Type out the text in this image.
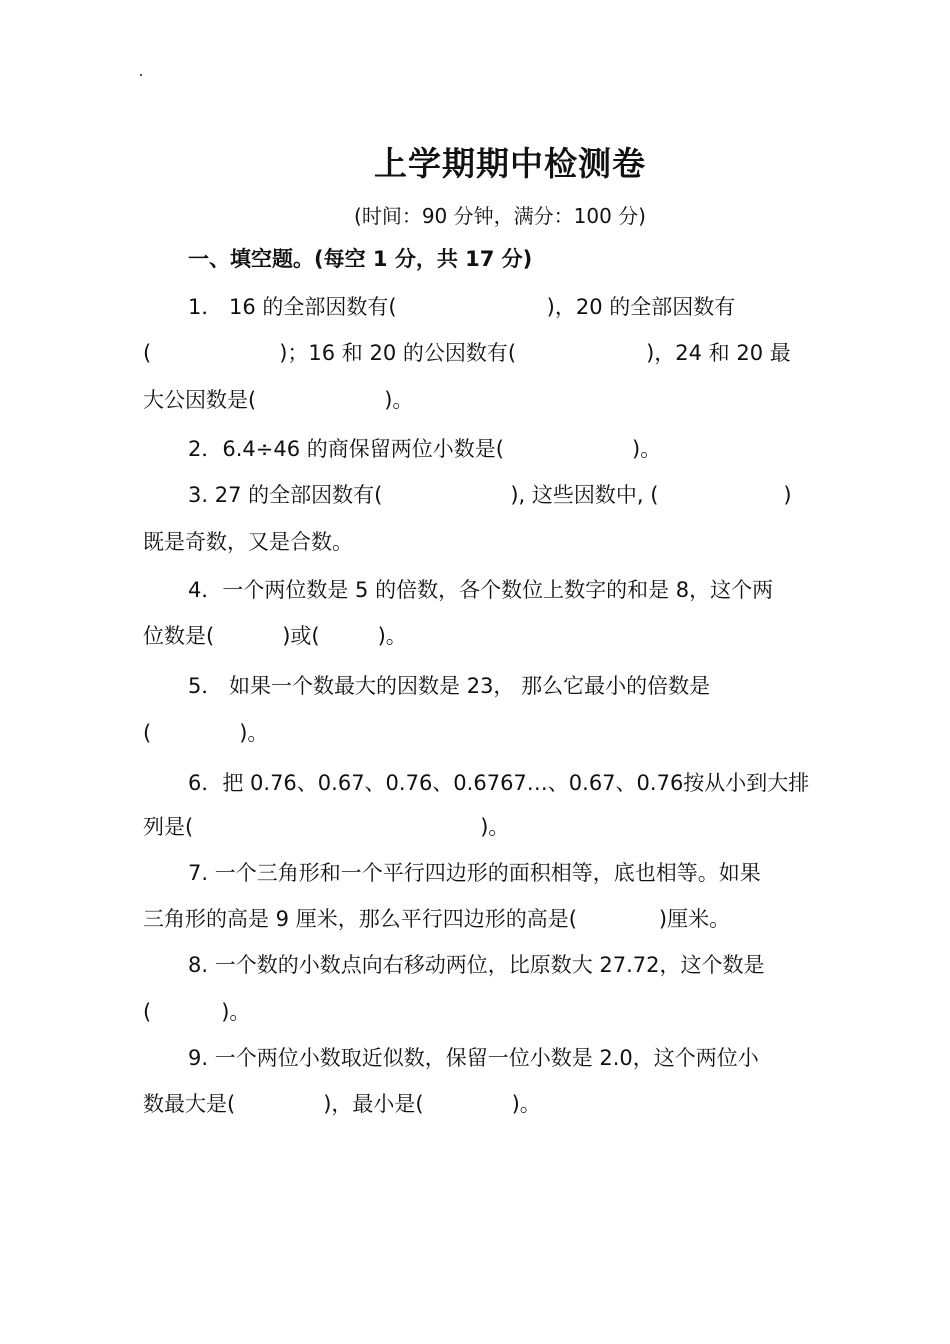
上学期期中检测卷
(时间：90 分钟，满分：100 分)
一、填空题。(每空 1 分，共 17 分)
1． 16 的全部因数有(	)，20 的全部因数有
(	)；16 和 20 的公因数有(	)，24 和 20 最
大公因数是(	)。
2．6.4÷46 的商保留两位小数是(	)。
3. 27 的全部因数有(	), 这些因数中, (	)
既是奇数，又是合数。
4．一个两位数是 5 的倍数，各个数位上数字的和是 8，这个两
位数是(	)或(	)。
5． 如果一个数最大的因数是 23， 那么它最小的倍数是
(	)。
6．把 0.76、0.67、0.76、0.6767…、0.67、0.76按从小到大排
列是(	)。
7. 一个三角形和一个平行四边形的面积相等，底也相等。如果
三角形的高是 9 厘米，那么平行四边形的高是(	)厘米。
8. 一个数的小数点向右移动两位，比原数大 27.72，这个数是
(	)。
9. 一个两位小数取近似数，保留一位小数是 2.0，这个两位小
数最大是(	)，最小是(	)。
